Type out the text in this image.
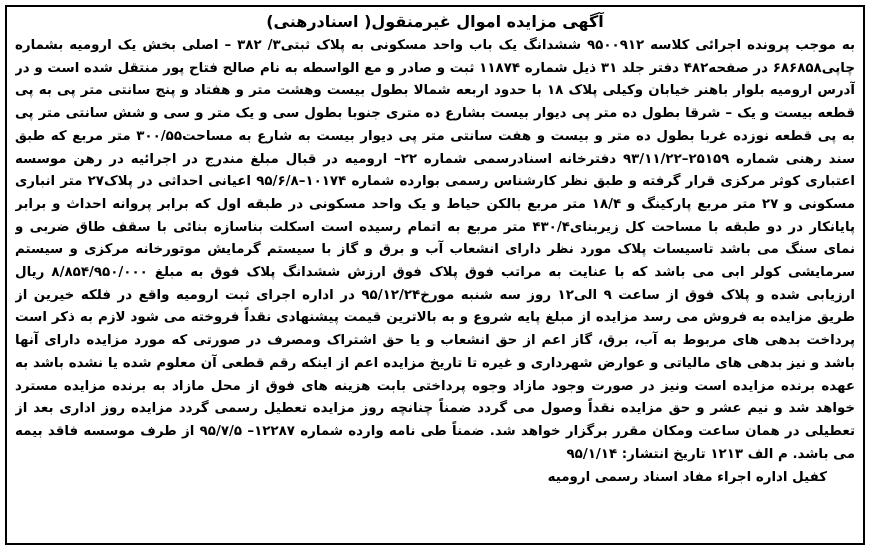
آگهی مزایده اموال غیرمنقول( اسنادرهنی)

به موجب پرونده اجرائی کلاسه ۹۵۰۰۹۱۲ ششدانگ یک باب واحد مسکونی به پلاک ثبتی۳/ ۳۸۲ – اصلی بخش یک ارومیه بشماره چاپی۶۸۶۸۵۸ در صفحه۴۸۲ دفتر جلد ۳۱ ذیل شماره ۱۱۸۷۴ ثبت و صادر و مع الواسطه به نام صالح فتاح پور منتقل شده است و در آدرس ارومیه بلوار باهنر خیابان وکیلی پلاک ۱۸ با حدود اربعه شمالا بطول بیست وهشت متر و هفتاد و پنج سانتی متر پی به پی قطعه بیست و یک – شرقا بطول ده متر پی دیوار بیست بشارع ده متری جنوبا بطول سی و یک متر و سی و شش سانتی متر پی به پی قطعه نوزده غربا بطول ده متر و بیست و هفت سانتی متر پی دیوار بیست به شارع به مساحت۳۰۰/۵۵ متر مربع که طبق سند رهنی شماره ۲۵۱۵۹–۹۳/۱۱/۲۲ دفترخانه اسنادرسمی شماره ۲۲– ارومیه در قبال مبلغ مندرج در اجرائیه در رهن موسسه اعتباری کوثر مرکزی قرار گرفته و طبق نظر کارشناس رسمی بوارده شماره ۱۰۱۷۴–۹۵/۶/۸ اعیانی احداثی در پلاک۲۷ متر انباری مسکونی و ۲۷ متر مربع پارکینگ و ۱۸/۴ متر مربع بالکن حیاط و یک واحد مسکونی در طبقه اول که برابر پروانه احداث و برابر پایانکار در دو طبقه با مساحت کل زیربنای۴۳۰/۴ متر مربع به اتمام رسیده است اسکلت بناسازه بنائی با سقف طاق ضربی و نمای سنگ می باشد تاسیسات پلاک مورد نظر دارای انشعاب آب و برق و گاز با سیستم گرمایش موتورخانه مرکزی و سیستم سرمایشی کولر ابی می باشد که با عنایت به مراتب فوق پلاک فوق ارزش ششدانگ پلاک فوق به مبلغ ۸/۸۵۴/۹۵۰/۰۰۰ ریال ارزیابی شده و پلاک فوق از ساعت ۹ الی۱۲ روز سه شنبه مورخ۹۵/۱۲/۲۴ در اداره اجرای ثبت ارومیه واقع در فلکه خیرین از طریق مزایده به فروش می رسد مزایده از مبلغ پایه شروع و به بالاترین قیمت پیشنهادی نقداً فروخته می شود لازم به ذکر است پرداخت بدهی های مربوط به آب، برق، گاز اعم از حق انشعاب و یا حق اشتراک ومصرف در صورتی که مورد مزایده دارای آنها باشد و نیز بدهی های مالیاتی و عوارض شهرداری و غیره تا تاریخ مزایده اعم از اینکه رقم قطعی آن معلوم شده یا نشده باشد به عهده برنده مزایده است ونیز در صورت وجود مازاد وجوه پرداختی بابت هزینه های فوق از محل مازاد به برنده مزایده مسترد خواهد شد و نیم عشر و حق مزایده نقداً وصول می گردد ضمناً چنانچه روز مزایده تعطیل رسمی گردد مزایده روز اداری بعد از تعطیلی در همان ساعت ومکان مقرر برگزار خواهد شد. ضمناً طی نامه وارده شماره ۱۲۲۸۷– ۹۵/۷/۵ از طرف موسسه فاقد بیمه می باشد. م الف ۱۲۱۳ تاریخ انتشار: ۹۵/۱/۱۴

کفیل اداره اجراء مفاد اسناد رسمی ارومیه
